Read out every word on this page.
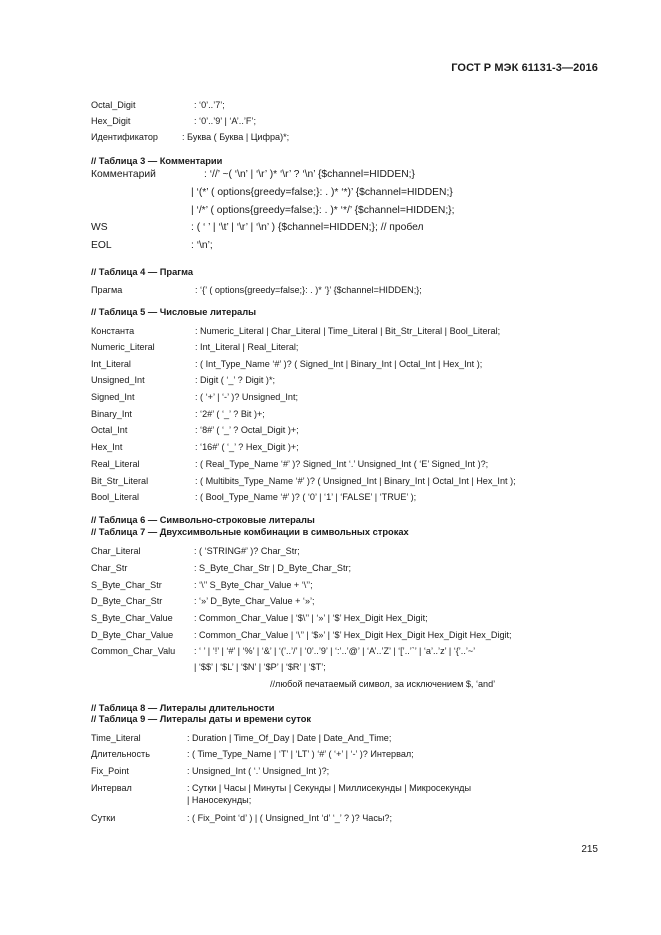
ГОСТ Р МЭК 61131-3—2016
Octal_Digit	: ‘0’..’7’;
Hex_Digit	: ‘0’..’9’ | ‘A’..’F’;
Идентификатор	: Буква ( Буква | Цифра)*;
// Таблица 3 — Комментарии
Комментарий	: ‘//’ ~( ‘\n’ | ‘\r’ )* ‘\r’ ? ‘\n’ {$channel=HIDDEN;}
| ‘(*’ ( options{greedy=false;}: . )* ‘*)’ {$channel=HIDDEN;}
| ‘/*’ ( options{greedy=false;}: . )* ‘*/’ {$channel=HIDDEN;};
WS	: ( ‘ ’ | ‘\t’ | ‘\r’ | ‘\n’ ) {$channel=HIDDEN;}; // пробел
EOL	: ‘\n’;
// Таблица 4 — Прагма
Прагма	: ‘{’ ( options{greedy=false;}: . )* ‘}’ {$channel=HIDDEN;};
// Таблица 5 — Числовые литералы
Константа	: Numeric_Literal | Char_Literal | Time_Literal | Bit_Str_Literal | Bool_Literal;
Numeric_Literal	: Int_Literal | Real_Literal;
Int_Literal	: ( Int_Type_Name ‘#’ )? ( Signed_Int | Binary_Int | Octal_Int | Hex_Int );
Unsigned_Int	: Digit ( ‘_’ ? Digit )*;
Signed_Int	: ( ‘+’ | ‘-’ )? Unsigned_Int;
Binary_Int	: ‘2#’ ( ‘_’ ? Bit )+;
Octal_Int	: ‘8#’ ( ‘_’ ? Octal_Digit )+;
Hex_Int	: ‘16#’ ( ‘_’ ? Hex_Digit )+;
Real_Literal	: ( Real_Type_Name ‘#’ )? Signed_Int ‘.’ Unsigned_Int ( ‘E’ Signed_Int )?;
Bit_Str_Literal	: ( Multibits_Type_Name ‘#’ )? ( Unsigned_Int | Binary_Int | Octal_Int | Hex_Int );
Bool_Literal	: ( Bool_Type_Name ‘#’ )? ( ‘0’ | ‘1’ | ‘FALSE’ | ‘TRUE’ );
// Таблица 6 — Символьно-строковые литералы
// Таблица 7 — Двухсимвольные комбинации в символьных строках
Char_Literal	: ( ‘STRING#’ )? Char_Str;
Char_Str	: S_Byte_Char_Str | D_Byte_Char_Str;
S_Byte_Char_Str	: ‘\’’ S_Byte_Char_Value + ‘\’’;
D_Byte_Char_Str	: ‘»’ D_Byte_Char_Value + ‘»’;
S_Byte_Char_Value : Common_Char_Value | ‘$\’’ | ‘»’ | ‘$’ Hex_Digit Hex_Digit;
D_Byte_Char_Value : Common_Char_Value | ‘\’’ | ‘$»’ | ‘$’ Hex_Digit Hex_Digit Hex_Digit Hex_Digit;
Common_Char_Valu : ‘ ’ | ‘!’ | ‘#’ | ‘%’ | ‘&’ | ‘(’..’/’ | ‘0’..’9’ | ‘:’..’@’ | ‘A’..’Z’ | ‘[’..’`’ | ‘a’..’z’ | ‘{’..’~’
| ‘$$’ | ‘$L’ | ‘$N’ | ‘$P’ | ‘$R’ | ‘$T’;
//любой печатаемый символ, за исключением $, ‘and’
// Таблица 8 — Литералы длительности
// Таблица 9 — Литералы даты и времени суток
Time_Literal	: Duration | Time_Of_Day | Date | Date_And_Time;
Длительность	: ( Time_Type_Name | ‘T’ | ‘LT’ ) ‘#’ ( ‘+’ | ‘-’ )? Интервал;
Fix_Point	: Unsigned_Int ( ‘.’ Unsigned_Int )?;
Интервал	: Сутки | Часы | Минуты | Секунды | Миллисекунды | Микросекунды
| Наносекунды;
Сутки	: ( Fix_Point ‘d’ ) | ( Unsigned_Int ‘d’ ‘_’ ? )? Часы?;
215
